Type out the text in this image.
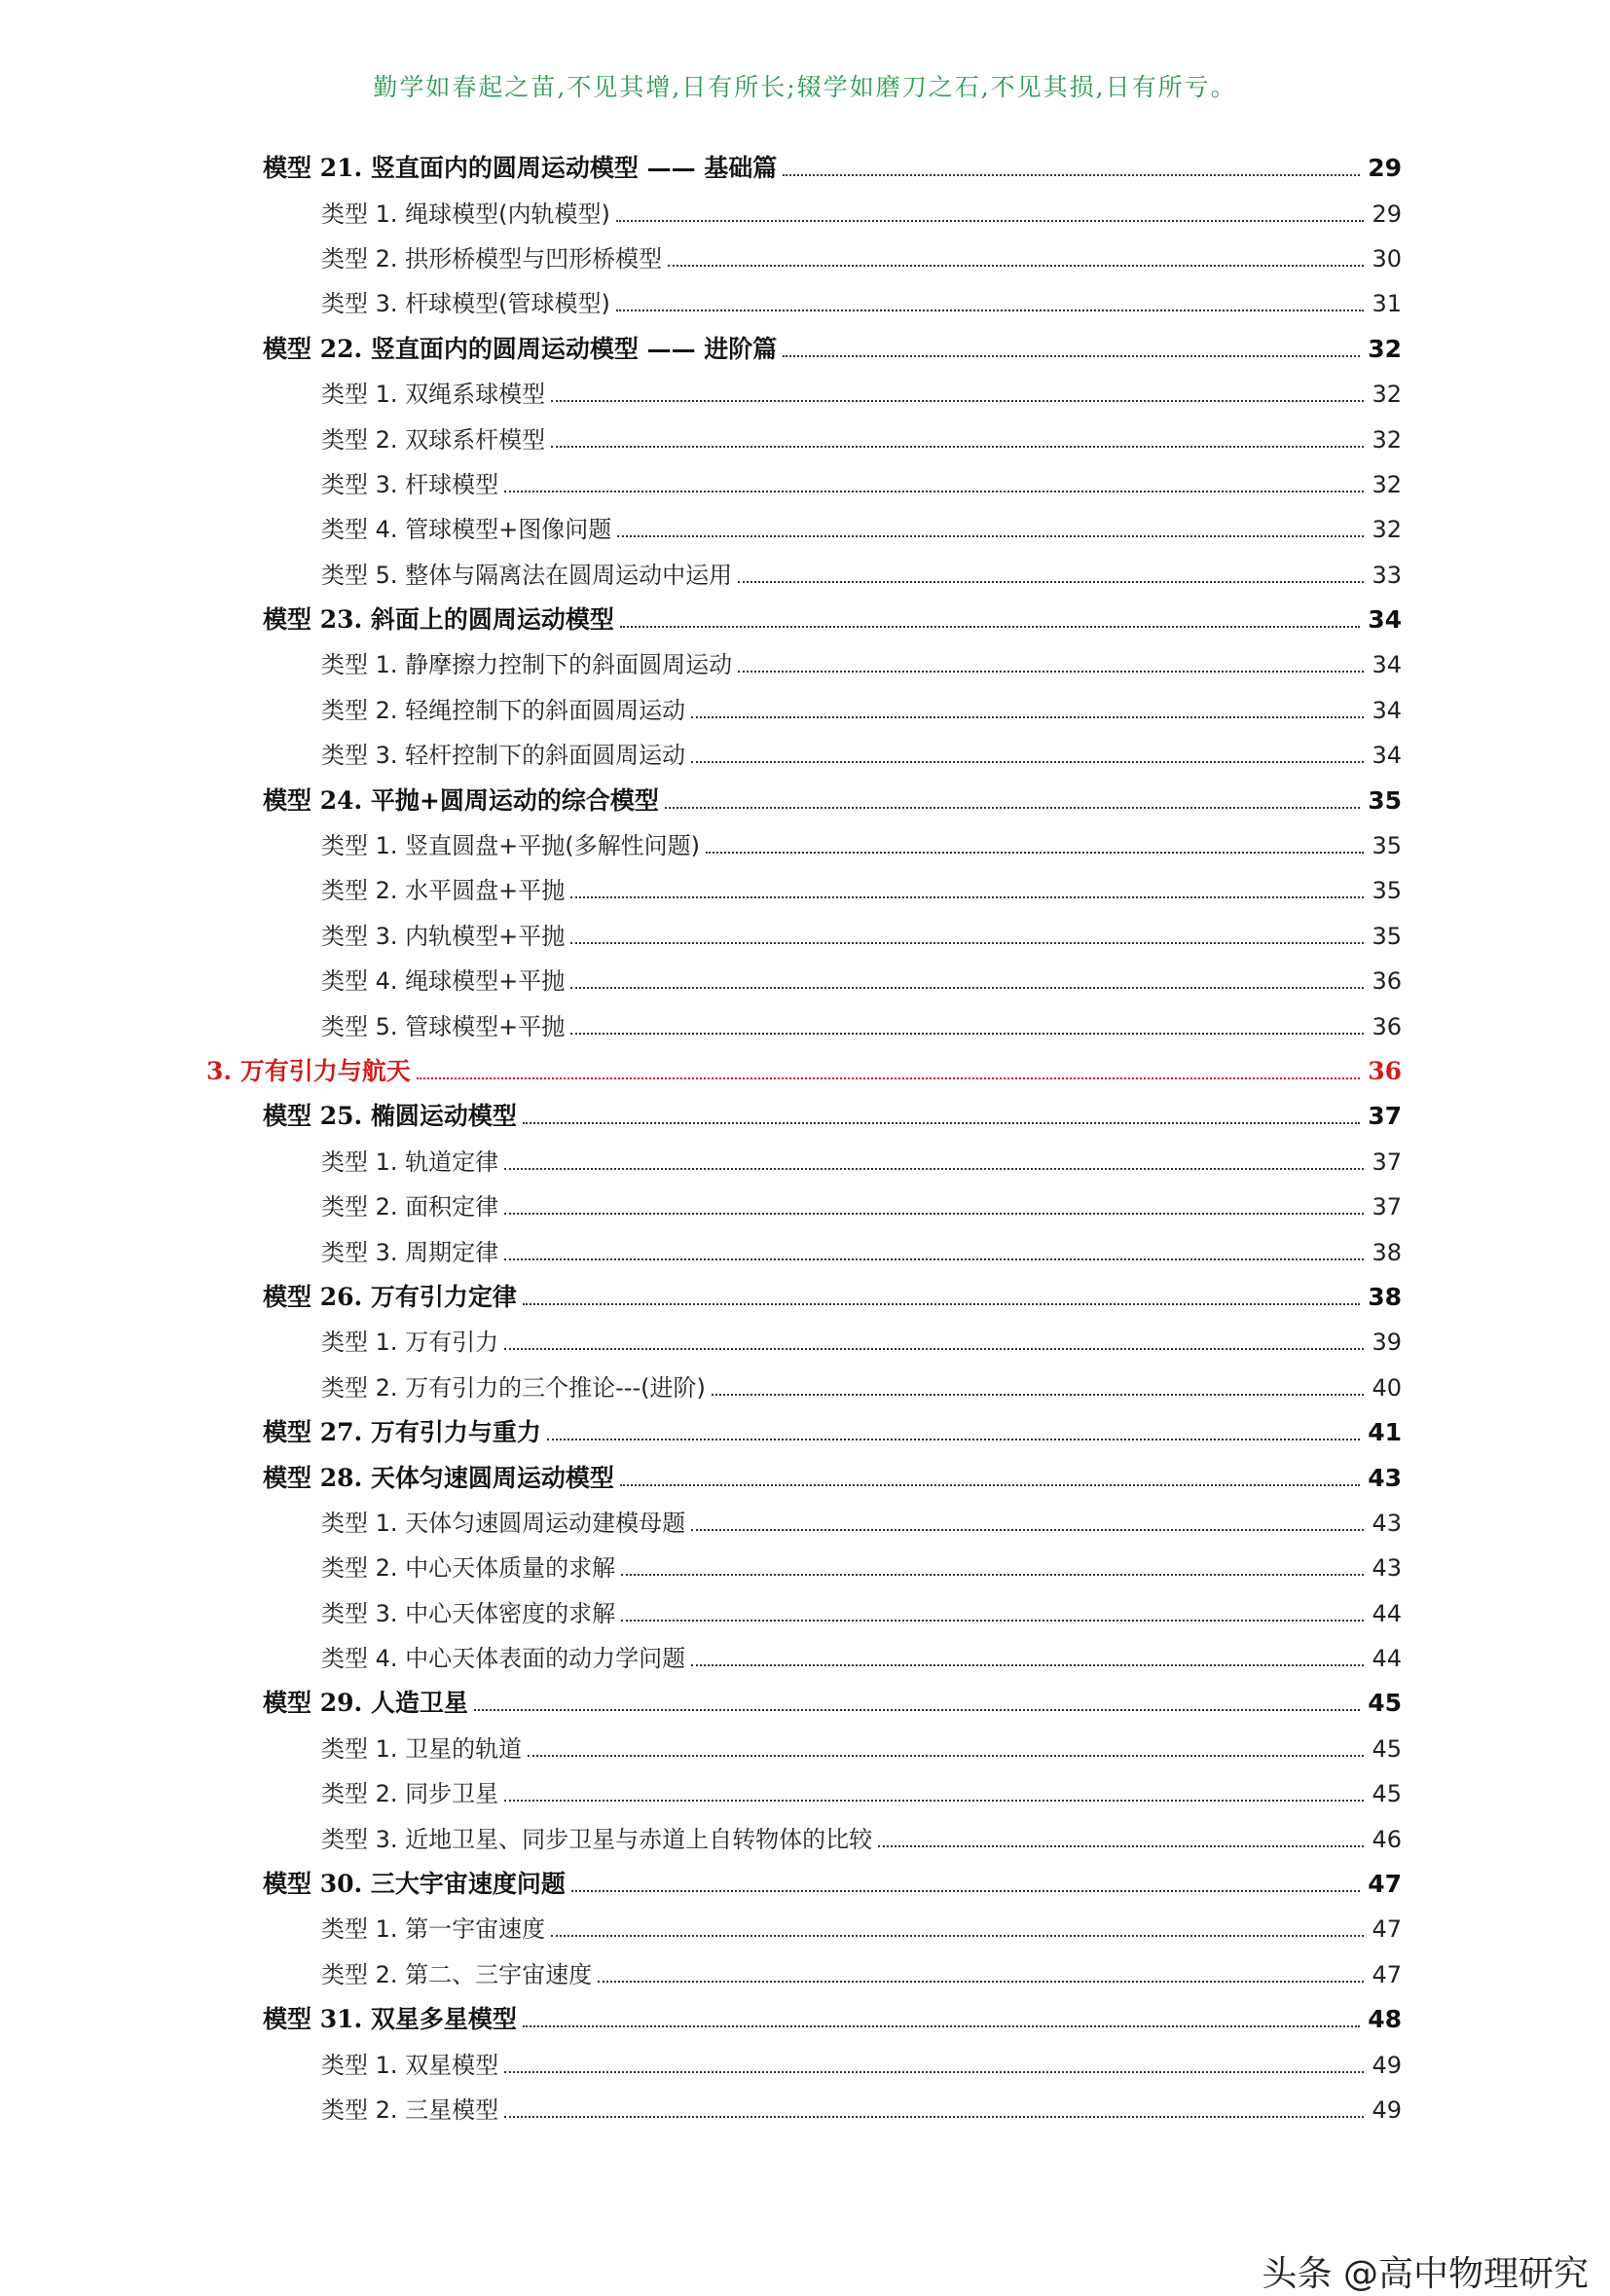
勤学如春起之苗,不见其增,日有所长;辍学如磨刀之石,不见其损,日有所亏。
模型 21. 竖直面内的圆周运动模型 —— 基础篇	29
类型 1. 绳球模型(内轨模型)	29
类型 2. 拱形桥模型与凹形桥模型	30
类型 3. 杆球模型(管球模型)	31
模型 22. 竖直面内的圆周运动模型 —— 进阶篇	32
类型 1. 双绳系球模型	32
类型 2. 双球系杆模型	32
类型 3. 杆球模型	32
类型 4. 管球模型+图像问题	32
类型 5. 整体与隔离法在圆周运动中运用	33
模型 23. 斜面上的圆周运动模型	34
类型 1. 静摩擦力控制下的斜面圆周运动	34
类型 2. 轻绳控制下的斜面圆周运动	34
类型 3. 轻杆控制下的斜面圆周运动	34
模型 24. 平抛+圆周运动的综合模型	35
类型 1. 竖直圆盘+平抛(多解性问题)	35
类型 2. 水平圆盘+平抛	35
类型 3. 内轨模型+平抛	35
类型 4. 绳球模型+平抛	36
类型 5. 管球模型+平抛	36
3. 万有引力与航天	36
模型 25. 椭圆运动模型	37
类型 1. 轨道定律	37
类型 2. 面积定律	37
类型 3. 周期定律	38
模型 26. 万有引力定律	38
类型 1. 万有引力	39
类型 2. 万有引力的三个推论---(进阶)	40
模型 27. 万有引力与重力	41
模型 28. 天体匀速圆周运动模型	43
类型 1. 天体匀速圆周运动建模母题	43
类型 2. 中心天体质量的求解	43
类型 3. 中心天体密度的求解	44
类型 4. 中心天体表面的动力学问题	44
模型 29. 人造卫星	45
类型 1. 卫星的轨道	45
类型 2. 同步卫星	45
类型 3. 近地卫星、同步卫星与赤道上自转物体的比较	46
模型 30. 三大宇宙速度问题	47
类型 1. 第一宇宙速度	47
类型 2. 第二、三宇宙速度	47
模型 31. 双星多星模型	48
类型 1. 双星模型	49
类型 2. 三星模型	49
头条 @高中物理研究
